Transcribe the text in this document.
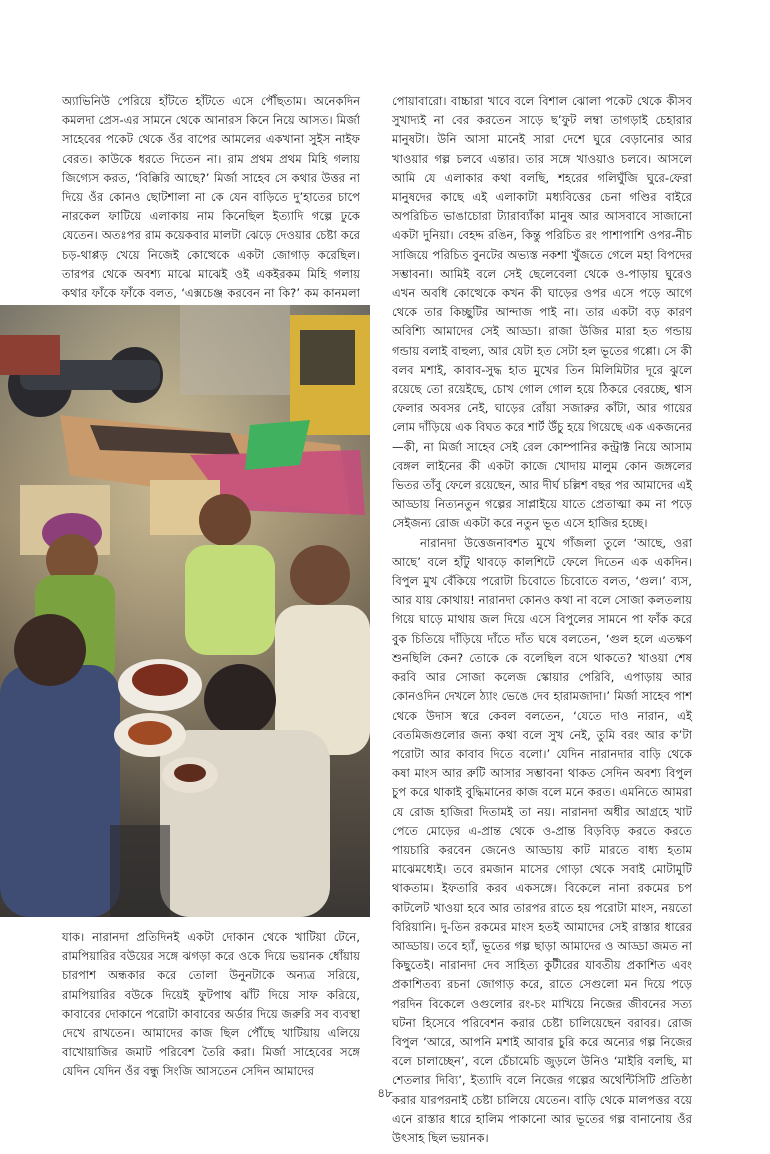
অ্যাভিনিউ পেরিয়ে হাঁটতে হাঁটতে এসে পৌঁছতাম। অনেকদিন কমলদা প্রেস-এর সামনে থেকে আনারস কিনে নিয়ে আসত। মির্জা সাহেবের পকেট থেকে ওঁর বাপের আমলের একখানা সুইস নাইফ বেরত। কাউকে ধরতে দিতেন না। রাম প্রথম প্রথম মিহি গলায় জিগ্যেস করত, ‘বিক্কিরি আছে?’ মির্জা সাহেব সে কথার উত্তর না দিয়ে ওঁর কোনও ছোটশালা না কে যেন বাড়িতে দু’হাতের চাপে নারকেল ফাটিয়ে এলাকায় নাম কিনেছিল ইত্যাদি গল্পে ঢুকে যেতেন। অতঃপর রাম কয়েকবার মালটা ঝেড়ে দেওয়ার চেষ্টা করে চড়-থাপ্পড় খেয়ে নিজেই কোত্থেকে একটা জোগাড় করেছিল। তারপর থেকে অবশ্য মাঝে মাঝেই ওই একইরকম মিহি গলায় কথার ফাঁকে ফাঁকে বলত, ‘এক্সচেঞ্জ করবেন না কি?’ কম কানমলা

পোয়াবারো। বাচ্চারা খাবে বলে বিশাল ঝোলা পকেট থেকে কীসব সুখাদ্যই না বের করতেন সাড়ে ছ’ফুট লম্বা তাগড়াই চেহারার মানুষটা। উনি আসা মানেই সারা দেশে ঘুরে বেড়ানোর আর খাওয়ার গল্প চলবে এন্তার। তার সঙ্গে খাওয়াও চলবে। আসলে আমি যে এলাকার কথা বলছি, শহরের গলিঘুঁজি ঘুরে-ফেরা মানুষদের কাছে এই এলাকাটা মধ্যবিত্তের চেনা গণ্ডির বাইরে অপরিচিত ভাঙাচোরা ট্যারাব্যাঁকা মানুষ আর আসবাবে সাজানো একটা দুনিয়া। বেহদ্দ রঙিন, কিন্তু পরিচিত রং পাশাপাশি ওপর-নীচ সাজিয়ে পরিচিত বুনটের অভ্যস্ত নকশা খুঁজতে গেলে মহা বিপদের সম্ভাবনা। আমিই বলে সেই ছেলেবেলা থেকে ও-পাড়ায় ঘুরেও এখন অবধি কোত্থেকে কখন কী ঘাড়ের ওপর এসে পড়ে আগে থেকে তার কিচ্ছুটির আন্দাজ পাই না। তার একটা বড় কারণ অবিশ্যি আমাদের সেই আড্ডা। রাজা উজির মারা হত গন্ডায় গন্ডায় বলাই বাহুল্য, আর যেটা হত সেটা হল ভূতের গপ্পো। সে কী বলব মশাই, কাবাব-সুদ্ধ হাত মুখের তিন মিলিমিটার দূরে ঝুলে রয়েছে তো রয়েইছে, চোখ গোল গোল হয়ে ঠিকরে বেরচ্ছে, শ্বাস ফেলার অবসর নেই, ঘাড়ের রোঁয়া সজারুর কাঁটা, আর গায়ের লোম দাঁড়িয়ে এক বিঘত করে শার্ট উঁচু হয়ে গিয়েছে এক একজনের—কী, না মির্জা সাহেব সেই রেল কোম্পানির কন্ট্রাক্ট নিয়ে আসাম বেঙ্গল লাইনের কী একটা কাজে খোদায় মালুম কোন জঙ্গলের ভিতর তাঁবু ফেলে রয়েছেন, আর দীর্ঘ চল্লিশ বছর পর আমাদের এই আড্ডায় নিত্যনতুন গল্পের সাপ্লাইয়ে যাতে প্রেতাত্মা কম না পড়ে সেইজন্য রোজ একটা করে নতুন ভূত এসে হাজির হচ্ছে।

নারানদা উত্তেজনাবশত মুখে গাঁজলা তুলে ‘আছে, ওরা আছে’ বলে হাঁটু থাবড়ে কালশিটে ফেলে দিতেন এক একদিন। বিপুল মুখ বেঁকিয়ে পরোটা চিবোতে চিবোতে বলত, ‘গুল।’ ব্যস, আর যায় কোথায়! নারানদা কোনও কথা না বলে সোজা কলতলায় গিয়ে ঘাড়ে মাথায় জল দিয়ে এসে বিপুলের সামনে পা ফাঁক করে বুক চিতিয়ে দাঁড়িয়ে দাঁতে দাঁত ঘষে বলতেন, ‘গুল হলে এতক্ষণ শুনছিলি কেন? তোকে কে বলেছিল বসে থাকতে? খাওয়া শেষ করবি আর সোজা কলেজ স্কোয়ার পেরিবি, এপাড়ায় আর কোনওদিন দেখলে ঠ্যাং ভেঙে দেব হারামজাদা।’ মির্জা সাহেব পাশ থেকে উদাস স্বরে কেবল বলতেন, ‘যেতে দাও নারান, এই বেতমিজগুলোর জন্য কথা বলে সুখ নেই, তুমি বরং আর ক’টা পরোটা আর কাবাব দিতে বলো।’ যেদিন নারানদার বাড়ি থেকে কষা মাংস আর রুটি আসার সম্ভাবনা থাকত সেদিন অবশ্য বিপুল চুপ করে থাকাই বুদ্ধিমানের কাজ বলে মনে করত। এমনিতে আমরা যে রোজ হাজিরা দিতামই তা নয়। নারানদা অধীর আগ্রহে খাট পেতে মোড়ের এ-প্রান্ত থেকে ও-প্রান্ত বিড়বিড় করতে করতে পায়চারি করবেন জেনেও আড্ডায় কাট মারতে বাধ্য হতাম মাঝেমধ্যেই। তবে রমজান মাসের গোড়া থেকে সবাই মোটামুটি থাকতাম। ইফতারি করব একসঙ্গে। বিকেলে নানা রকমের চপ কাটলেট খাওয়া হবে আর তারপর রাতে হয় পরোটা মাংস, নয়তো বিরিয়ানি। দু-তিন রকমের মাংস হতই আমাদের সেই রাস্তার ধারের আড্ডায়। তবে হ্যাঁ, ভূতের গল্প ছাড়া আমাদের ও আড্ডা জমত না কিছুতেই। নারানদা দেব সাহিত্য কুটীরের যাবতীয় প্রকাশিত এবং প্রকাশিতব্য রচনা জোগাড় করে, রাতে সেগুলো মন দিয়ে পড়ে পরদিন বিকেলে ওগুলোর রং-চং মাখিয়ে নিজের জীবনের সত্য ঘটনা হিসেবে পরিবেশন করার চেষ্টা চালিয়েছেন বরাবর। রোজ বিপুল ‘আরে, আপনি মশাই আবার চুরি করে অন্যের গল্প নিজের বলে চালাচ্ছেন’, বলে চেঁচামেচি জুড়লে উনিও ‘মাইরি বলছি, মা শেতলার দিব্যি’, ইত্যাদি বলে নিজের গল্পের অথেন্টিসিটি প্রতিষ্ঠা করার যারপরনাই চেষ্টা চালিয়ে যেতেন। বাড়ি থেকে মালপত্তর বয়ে এনে রাস্তার ধারে হালিম পাকানো আর ভূতের গল্প বানানোয় ওঁর উৎসাহ ছিল ভয়ানক।

যাক। নারানদা প্রতিদিনই একটা দোকান থেকে খাটিয়া টেনে, রামপিয়ারির বউয়ের সঙ্গে ঝগড়া করে ওকে দিয়ে ভয়ানক ধোঁয়ায় চারপাশ অন্ধকার করে তোলা উনুনটাকে অন্যত্র সরিয়ে, রামপিয়ারির বউকে দিয়েই ফুটপাথ ঝাঁট দিয়ে সাফ করিয়ে, কাবাবের দোকানে পরোটা কাবাবের অর্ডার দিয়ে জরুরি সব ব্যবস্থা দেখে রাখতেন। আমাদের কাজ ছিল পৌঁছে খাটিয়ায় এলিয়ে বাখোয়াজির জমাট পরিবেশ তৈরি করা। মির্জা সাহেবের সঙ্গে যেদিন যেদিন ওঁর বন্ধু সিংজি আসতেন সেদিন আমাদের

৪৮
